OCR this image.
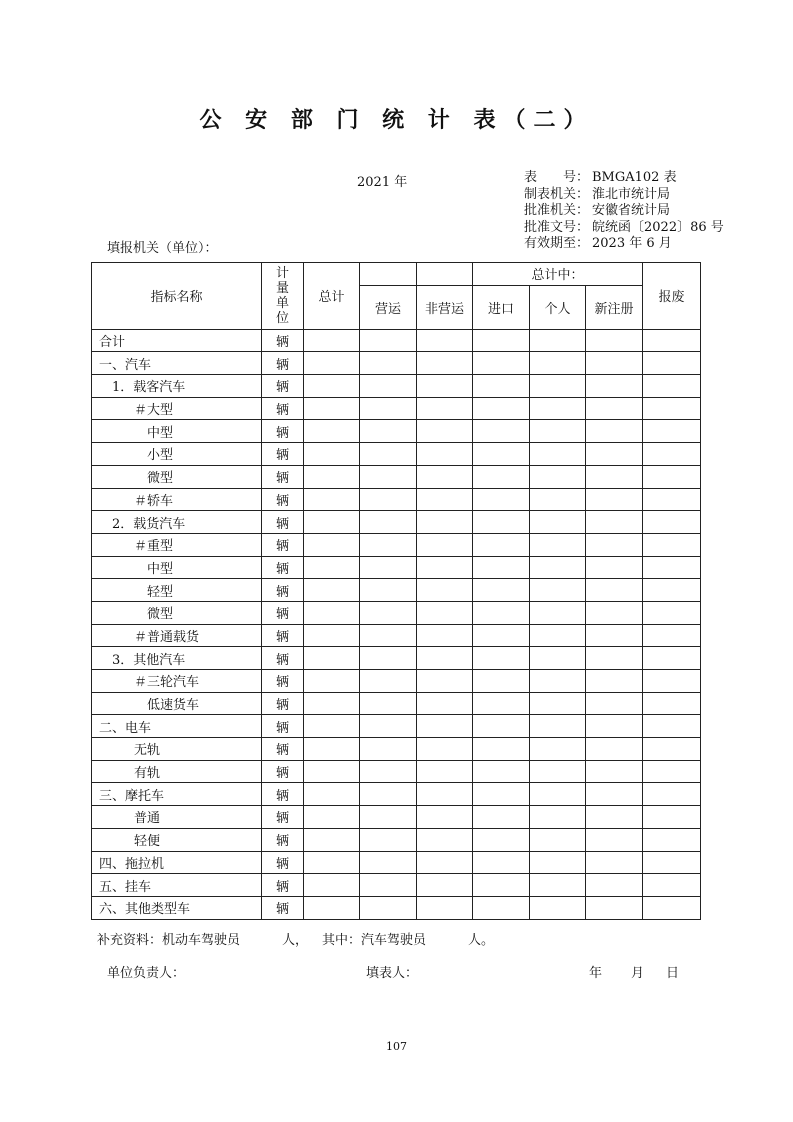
公 安 部 门 统 计 表（二）
2021 年	表　　号： BMGA102 表
制表机关： 淮北市统计局
批准机关： 安徽省统计局
批准文号： 皖统函〔2022〕86 号
有效期至： 2023 年 6 月
填报机关（单位）：
指标名称	计
量
单
位	总计			总计中：			报废
			营运	非营运	进口	个人	新注册	
合计	辆							
一、汽车	辆							
1．载客汽车	辆							
＃大型	辆							
中型	辆							
小型	辆							
微型	辆							
＃轿车	辆							
2．载货汽车	辆							
＃重型	辆							
中型	辆							
轻型	辆							
微型	辆							
＃普通载货	辆							
3．其他汽车	辆							
＃三轮汽车	辆							
低速货车	辆							
二、电车	辆							
无轨	辆							
有轨	辆							
三、摩托车	辆							
普通	辆							
轻便	辆							
四、拖拉机	辆							
五、挂车	辆							
六、其他类型车	辆							
补充资料：机动车驾驶员	人， 其中：汽车驾驶员	人。
单位负责人：	填表人：	年 月 日
107
